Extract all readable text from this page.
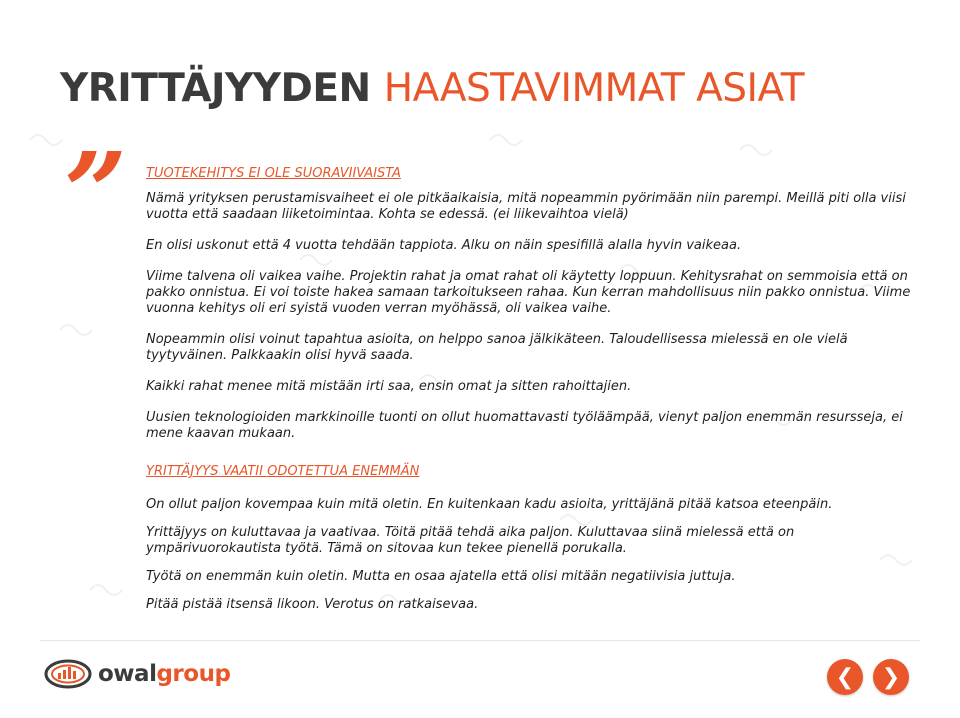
YRITTÄJYYDEN HAASTAVIMMAT ASIAT
” TUOTEKEHITYS EI OLE SUORAVIIVAISTA

Nämä yrityksen perustamisvaiheet ei ole pitkäaikaisia, mitä nopeammin pyörimään niin parempi. Meillä piti olla viisi vuotta että saadaan liiketoimintaa. Kohta se edessä. (ei liikevaihtoa vielä)

En olisi uskonut että 4 vuotta tehdään tappiota. Alku on näin spesifillä alalla hyvin vaikeaa.

Viime talvena oli vaikea vaihe. Projektin rahat ja omat rahat oli käytetty loppuun. Kehitysrahat on semmoisia että on pakko onnistua. Ei voi toiste hakea samaan tarkoitukseen rahaa. Kun kerran mahdollisuus niin pakko onnistua. Viime vuonna kehitys oli eri syistä vuoden verran myöhässä, oli vaikea vaihe.

Nopeammin olisi voinut tapahtua asioita, on helppo sanoa jälkikäteen. Taloudellisessa mielessä en ole vielä tyytyväinen. Palkkaakin olisi hyvä saada.

Kaikki rahat menee mitä mistään irti saa, ensin omat ja sitten rahoittajien.

Uusien teknologioiden markkinoille tuonti on ollut huomattavasti työläämpää, vienyt paljon enemmän resursseja, ei mene kaavan mukaan.

YRITTÄJYYS VAATII ODOTETTUA ENEMMÄN

On ollut paljon kovempaa kuin mitä oletin. En kuitenkaan kadu asioita, yrittäjänä pitää katsoa eteenpäin.

Yrittäjyys on kuluttavaa ja vaativaa. Töitä pitää tehdä aika paljon. Kuluttavaa siinä mielessä että on ympärivuorokautista työtä. Tämä on sitovaa kun tekee pienellä porukalla.

Työtä on enemmän kuin oletin. Mutta en osaa ajatella että olisi mitään negatiivisia juttuja.

Pitää pistää itsensä likoon. Verotus on ratkaisevaa.

owalgroup	❮ ❯
